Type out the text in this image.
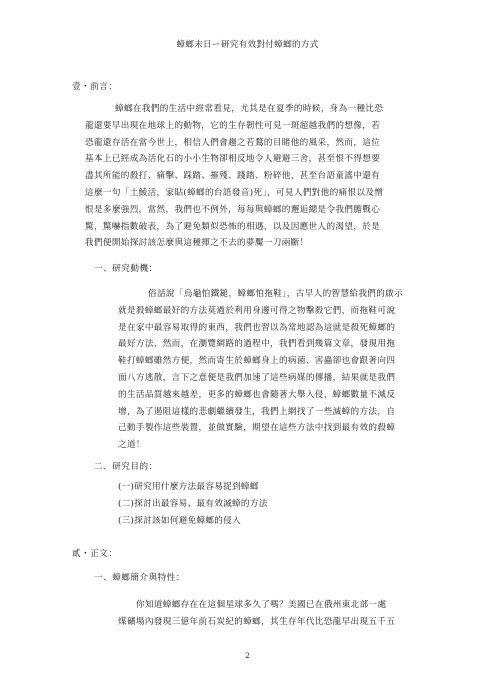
蟑螂末日ー研究有效對付蟑螂的方式
壹・前言：
蟑螂在我們的生活中經常看見，尤其是在夏季的時候，身為一種比恐
龍還要早出現在地球上的動物，它的生存韌性可見一斑超越我們的想像，若
恐龍還存活在當今世上，相信人們會趨之若鶩的目睹他的風采，然而，這位
基本上已經成為活化石的小小生物卻相反地令人避避三舍，甚至恨不得想要
盡其所能的殺打、痛擊、踩踏、摧殘、踐踏、粉碎他，甚至台語童謠中還有
這麼一句「土鯪活，家貼(蟑螂的台語發音)死」，可見人們對他的痛恨以及憎
恨是多麼強烈，當然，我們也不例外，每每與蟑螂的邂逅總是令我們膽戰心
驚，驚嚇指數破表，為了避免類似恐怖的相遇，以及因應世人的渴望，於是
我們便開始探討該怎麼與這種揮之不去的夢魘一刀兩斷！
一、研究動機：
俗話說「烏龜怕鐵鎚，蟑螂怕拖鞋」，古早人的智慧給我們的啟示
就是殺蟑螂最好的方法莫過於利用身邊可得之物擊殺它們，而拖鞋可說
是在家中最容易取得的東西，我們也習以為常地認為這就是殺死蟑螂的
最好方法，然而，在瀏覽網路的過程中，我們看到幾篇文章，發現用拖
鞋打蟑螂雖然方便，然而寄生於蟑螂身上的病菌、害蟲卻也會跟著向四
面八方逃散，言下之意便是我們加速了這些病媒的傳播，結果就是我們
的生活品質越來越差，更多的蟑螂也會隨著大舉入侵，蟑螂數量不減反
增，為了遏阻這樣的悲劇繼續發生，我們上網找了一些滅蟑的方法，自
己動手製作這些裝置，並做實驗，期望在這些方法中找到最有效的殺蟑
之道！
二、研究目的：
(一)研究用什麼方法最容易捉到蟑螂
(二)探討出最容易、最有效滅蟑的方法
(三)探討該如何避免蟑螂的侵入
貳・正文：
一、蟑螂簡介與特性：
你知道蟑螂存在在這個星球多久了嗎？美國已在俄州東北部一處
煤礦場內發現三億年前石炭紀的蟑螂，其生存年代比恐龍早出現五千五
2
